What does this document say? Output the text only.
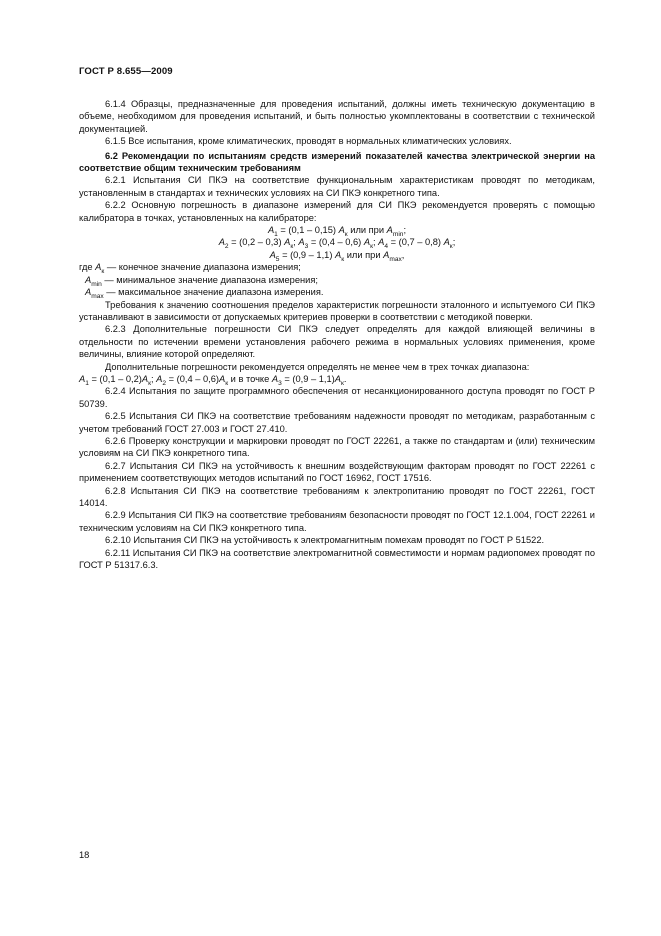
ГОСТ Р 8.655—2009

6.1.4 Образцы, предназначенные для проведения испытаний, должны иметь техническую документацию в объеме, необходимом для проведения испытаний, и быть полностью укомплектованы в соответствии с технической документацией.

6.1.5 Все испытания, кроме климатических, проводят в нормальных климатических условиях.

6.2 Рекомендации по испытаниям средств измерений показателей качества электрической энергии на соответствие общим техническим требованиям

6.2.1 Испытания СИ ПКЭ на соответствие функциональным характеристикам проводят по методикам, установленным в стандартах и технических условиях на СИ ПКЭ конкретного типа.

6.2.2 Основную погрешность в диапазоне измерений для СИ ПКЭ рекомендуется проверять с помощью калибратора в точках, установленных на калибраторе:

$A_1 = (0,1 - 0,15)$ $A_к$ или при $A_{min}$;

$A_2 = (0,2 - 0,3)$ $A_к$; $A_3 = (0,4 - 0,6)$ $A_к$; $A_4 = (0,7 - 0,8)$ $A_к$;

$A_5 = (0,9 - 1,1)$ $A_к$ или при $A_{max}$,

где $A_к$ — конечное значение диапазона измерения;

$A_{min}$ — минимальное значение диапазона измерения;

$A_{max}$ — максимальное значение диапазона измерения.

Требования к значению соотношения пределов характеристик погрешности эталонного и испытуемого СИ ПКЭ устанавливают в зависимости от допускаемых критериев проверки в соответствии с методикой поверки.

6.2.3 Дополнительные погрешности СИ ПКЭ следует определять для каждой влияющей величины в отдельности по истечении времени установления рабочего режима в нормальных условиях применения, кроме величины, влияние которой определяют.

Дополнительные погрешности рекомендуется определять не менее чем в трех точках диапазона:

$A_1 = (0,1 - 0,2)A_к$; $A_2 = (0,4 - 0,6)A_к$ и в точке $A_3 = (0,9 - 1,1)A_к$.

6.2.4 Испытания по защите программного обеспечения от несанкционированного доступа проводят по ГОСТ Р 50739.

6.2.5 Испытания СИ ПКЭ на соответствие требованиям надежности проводят по методикам, разработанным с учетом требований ГОСТ 27.003 и ГОСТ 27.410.

6.2.6 Проверку конструкции и маркировки проводят по ГОСТ 22261, а также по стандартам и (или) техническим условиям на СИ ПКЭ конкретного типа.

6.2.7 Испытания СИ ПКЭ на устойчивость к внешним воздействующим факторам проводят по ГОСТ 22261 с применением соответствующих методов испытаний по ГОСТ 16962, ГОСТ 17516.

6.2.8 Испытания СИ ПКЭ на соответствие требованиям к электропитанию проводят по ГОСТ 22261, ГОСТ 14014.

6.2.9 Испытания СИ ПКЭ на соответствие требованиям безопасности проводят по ГОСТ 12.1.004, ГОСТ 22261 и техническим условиям на СИ ПКЭ конкретного типа.

6.2.10 Испытания СИ ПКЭ на устойчивость к электромагнитным помехам проводят по ГОСТ Р 51522.

6.2.11 Испытания СИ ПКЭ на соответствие электромагнитной совместимости и нормам радиопомех проводят по ГОСТ Р 51317.6.3.

18
